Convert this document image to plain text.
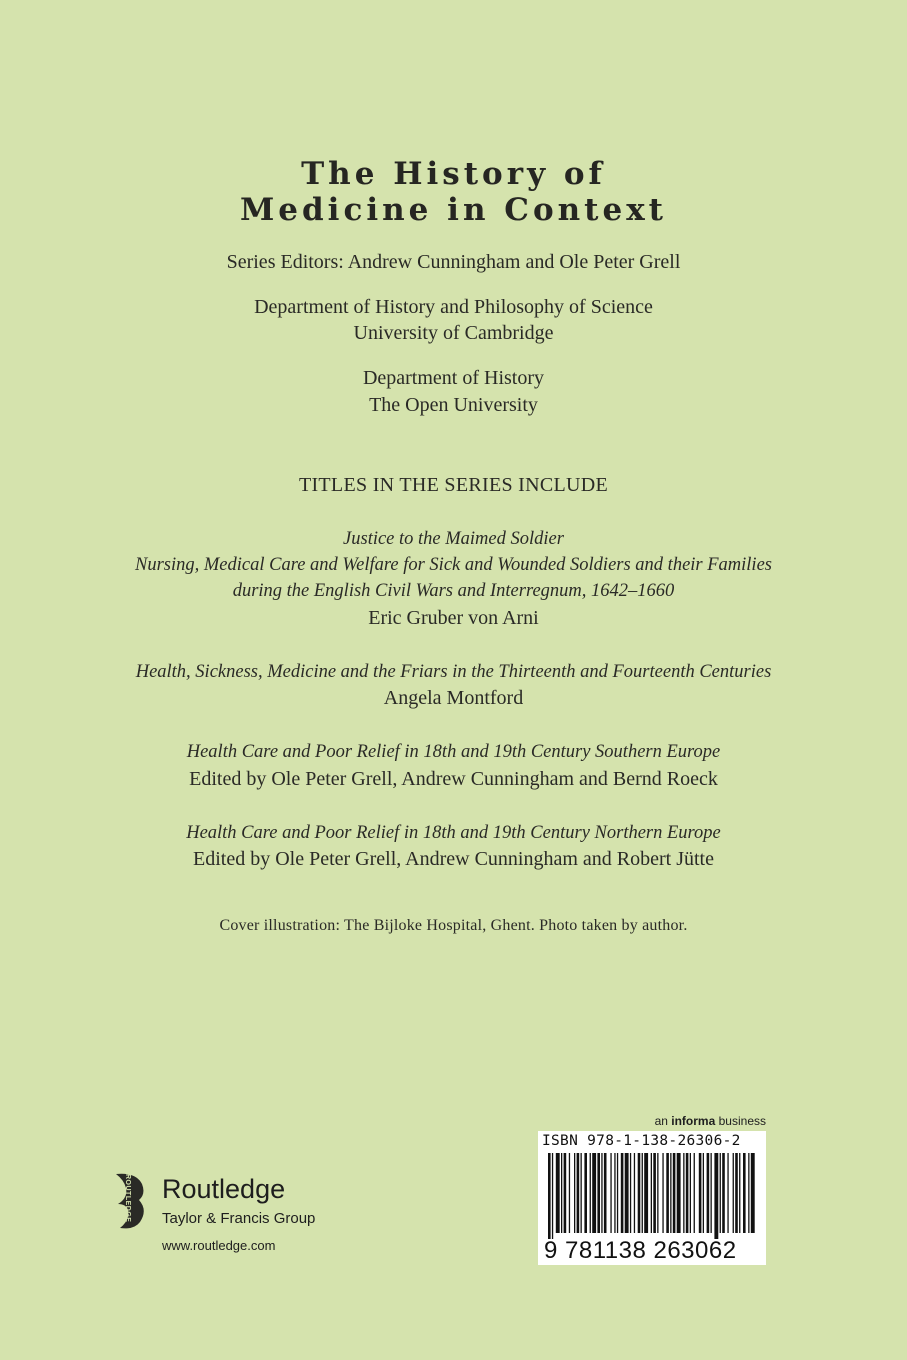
The History of
Medicine in Context
Series Editors: Andrew Cunningham and Ole Peter Grell
Department of History and Philosophy of Science
University of Cambridge
Department of History
The Open University
TITLES IN THE SERIES INCLUDE
Justice to the Maimed Soldier
Nursing, Medical Care and Welfare for Sick and Wounded Soldiers and their Families
during the English Civil Wars and Interregnum, 1642–1660
Eric Gruber von Arni
Health, Sickness, Medicine and the Friars in the Thirteenth and Fourteenth Centuries
Angela Montford
Health Care and Poor Relief in 18th and 19th Century Southern Europe
Edited by Ole Peter Grell, Andrew Cunningham and Bernd Roeck
Health Care and Poor Relief in 18th and 19th Century Northern Europe
Edited by Ole Peter Grell, Andrew Cunningham and Robert Jütte
Cover illustration: The Bijloke Hospital, Ghent. Photo taken by author.
ROUTLEDGE Routledge
Taylor & Francis Group
www.routledge.com
an informa business
ISBN 978-1-138-26306-2
9 781138 263062
